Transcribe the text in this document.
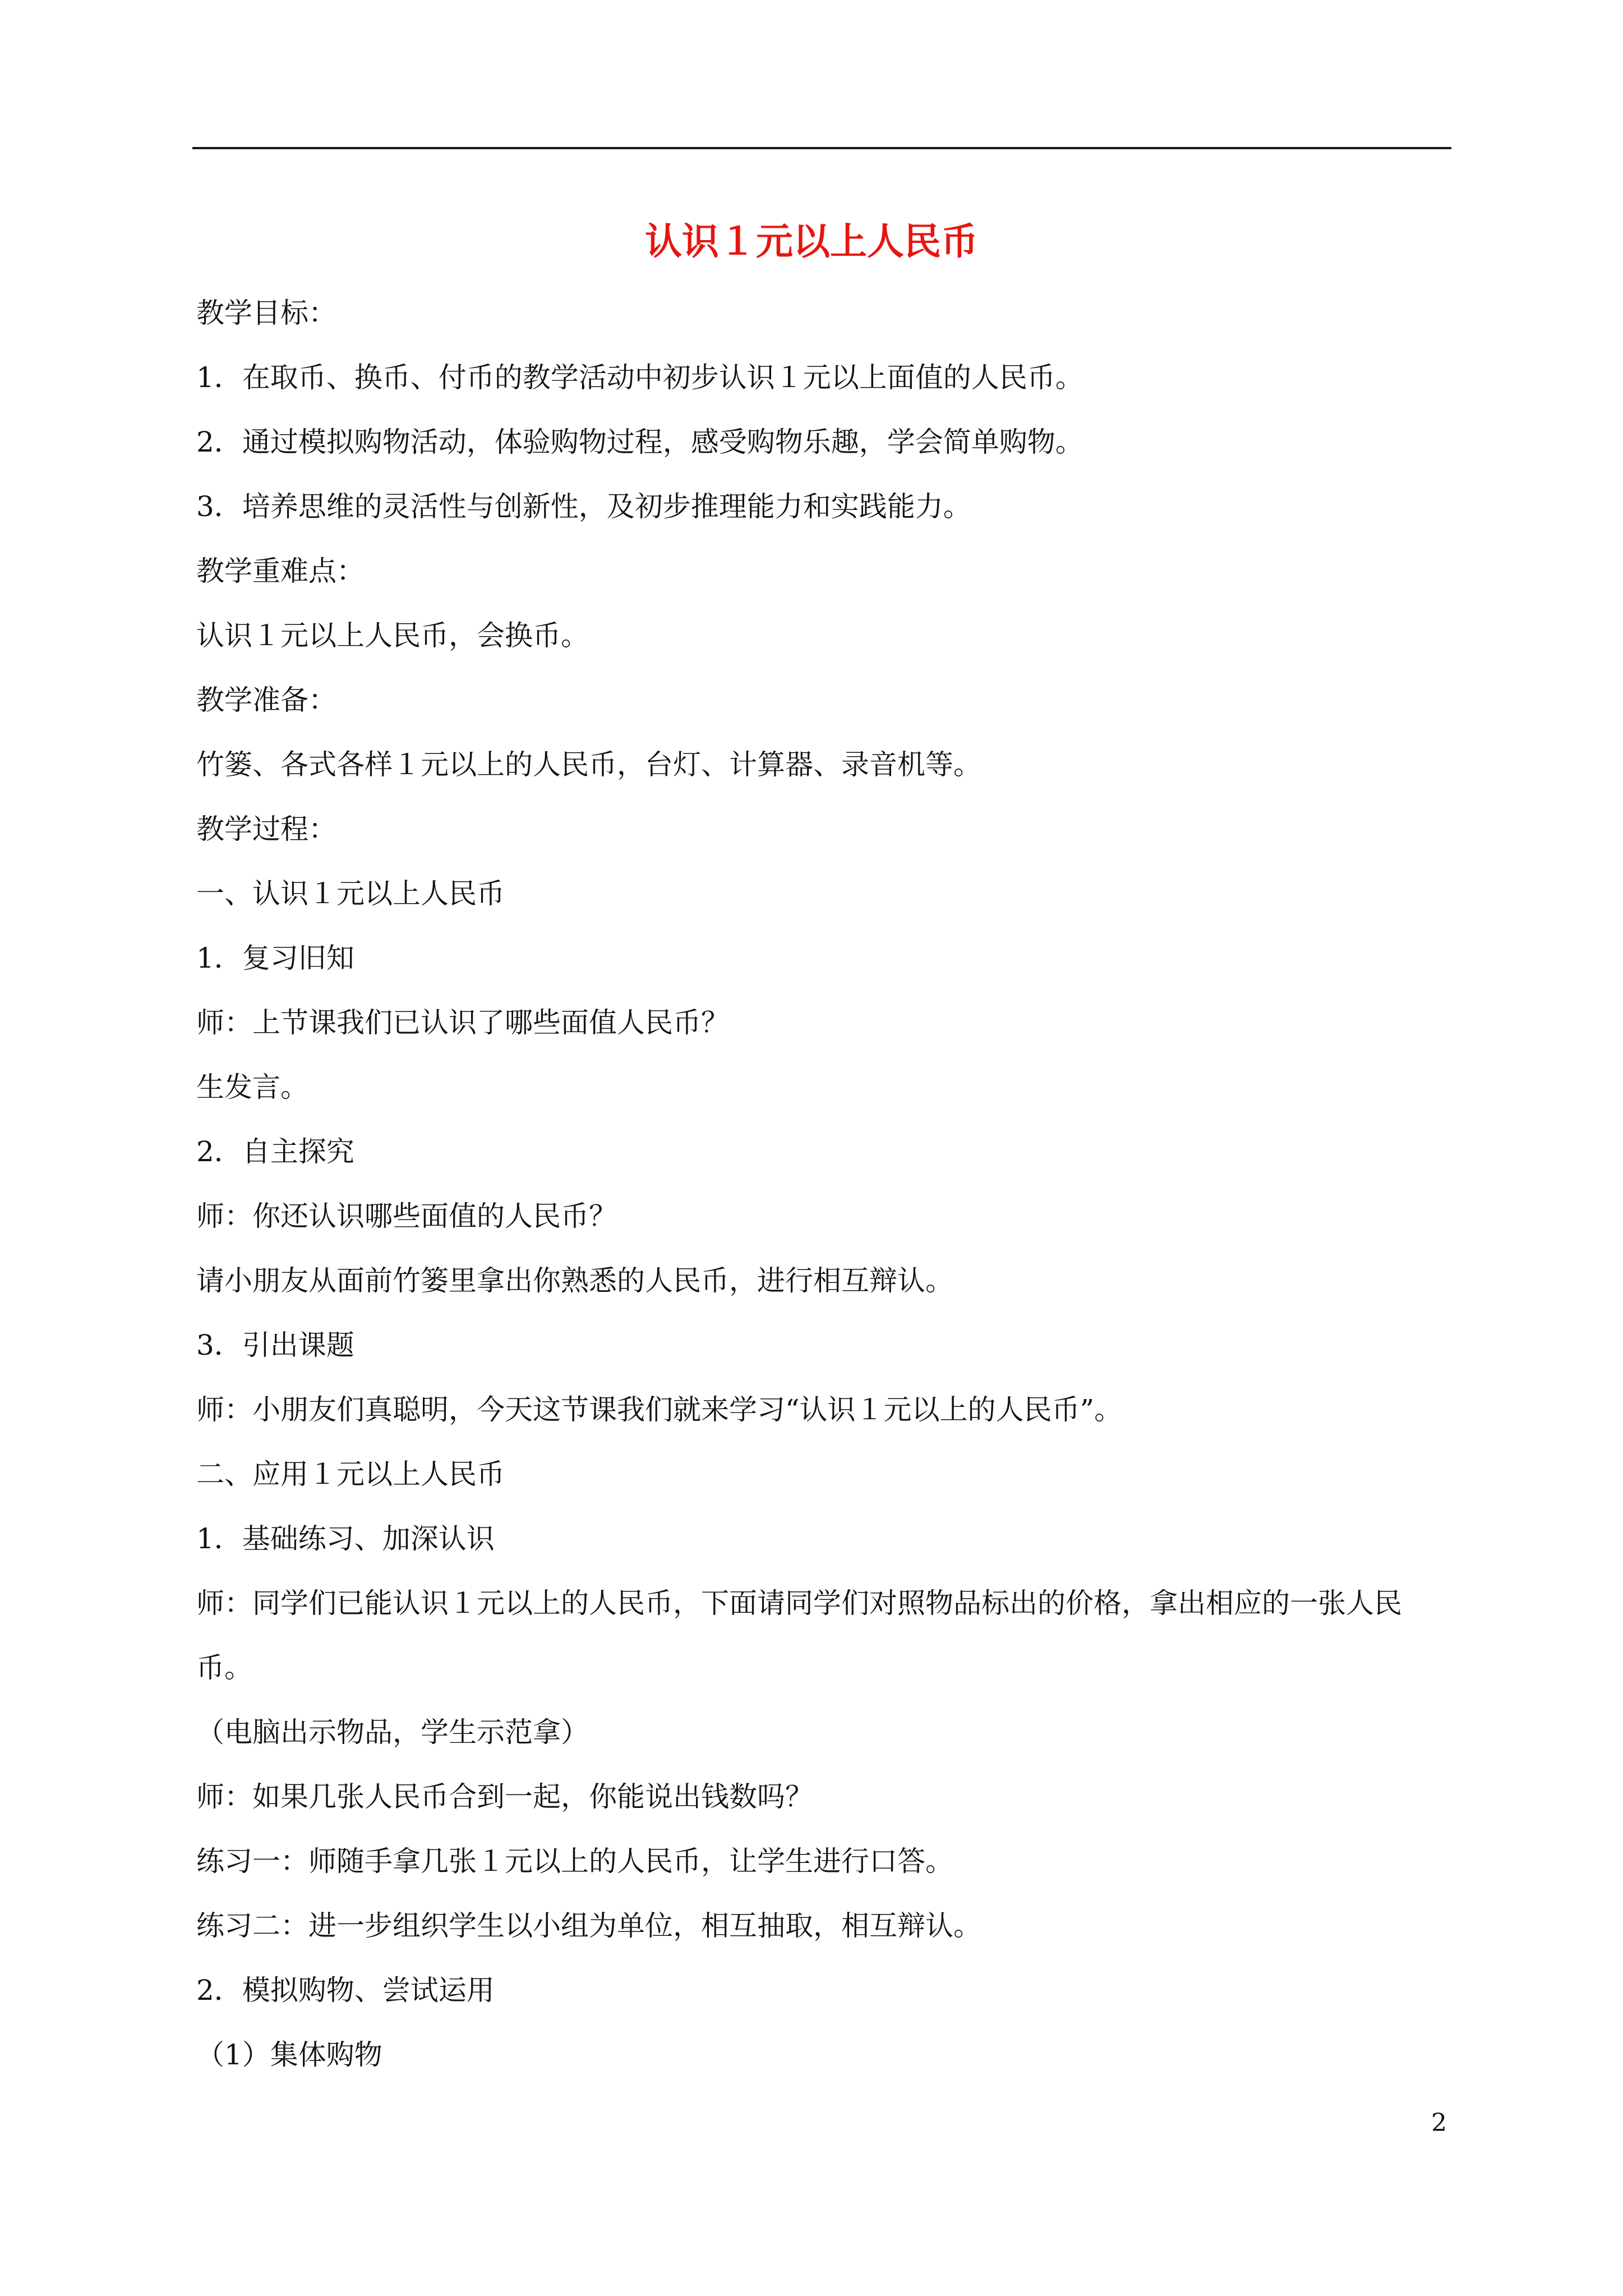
认识１元以上人民币
教学目标：
1．在取币、换币、付币的教学活动中初步认识１元以上面值的人民币。
2．通过模拟购物活动，体验购物过程，感受购物乐趣，学会简单购物。
3．培养思维的灵活性与创新性，及初步推理能力和实践能力。
教学重难点：
认识１元以上人民币，会换币。
教学准备：
竹篓、各式各样１元以上的人民币，台灯、计算器、录音机等。
教学过程：
一、认识１元以上人民币
1．复习旧知
师：上节课我们已认识了哪些面值人民币？
生发言。
2．自主探究
师：你还认识哪些面值的人民币？
请小朋友从面前竹篓里拿出你熟悉的人民币，进行相互辩认。
3．引出课题
师：小朋友们真聪明，今天这节课我们就来学习“认识１元以上的人民币”。
二、应用１元以上人民币
1．基础练习、加深认识
师：同学们已能认识１元以上的人民币，下面请同学们对照物品标出的价格，拿出相应的一张人民
币。
（电脑出示物品，学生示范拿）
师：如果几张人民币合到一起，你能说出钱数吗？
练习一：师随手拿几张１元以上的人民币，让学生进行口答。
练习二：进一步组织学生以小组为单位，相互抽取，相互辩认。
2．模拟购物、尝试运用
（1）集体购物
2
